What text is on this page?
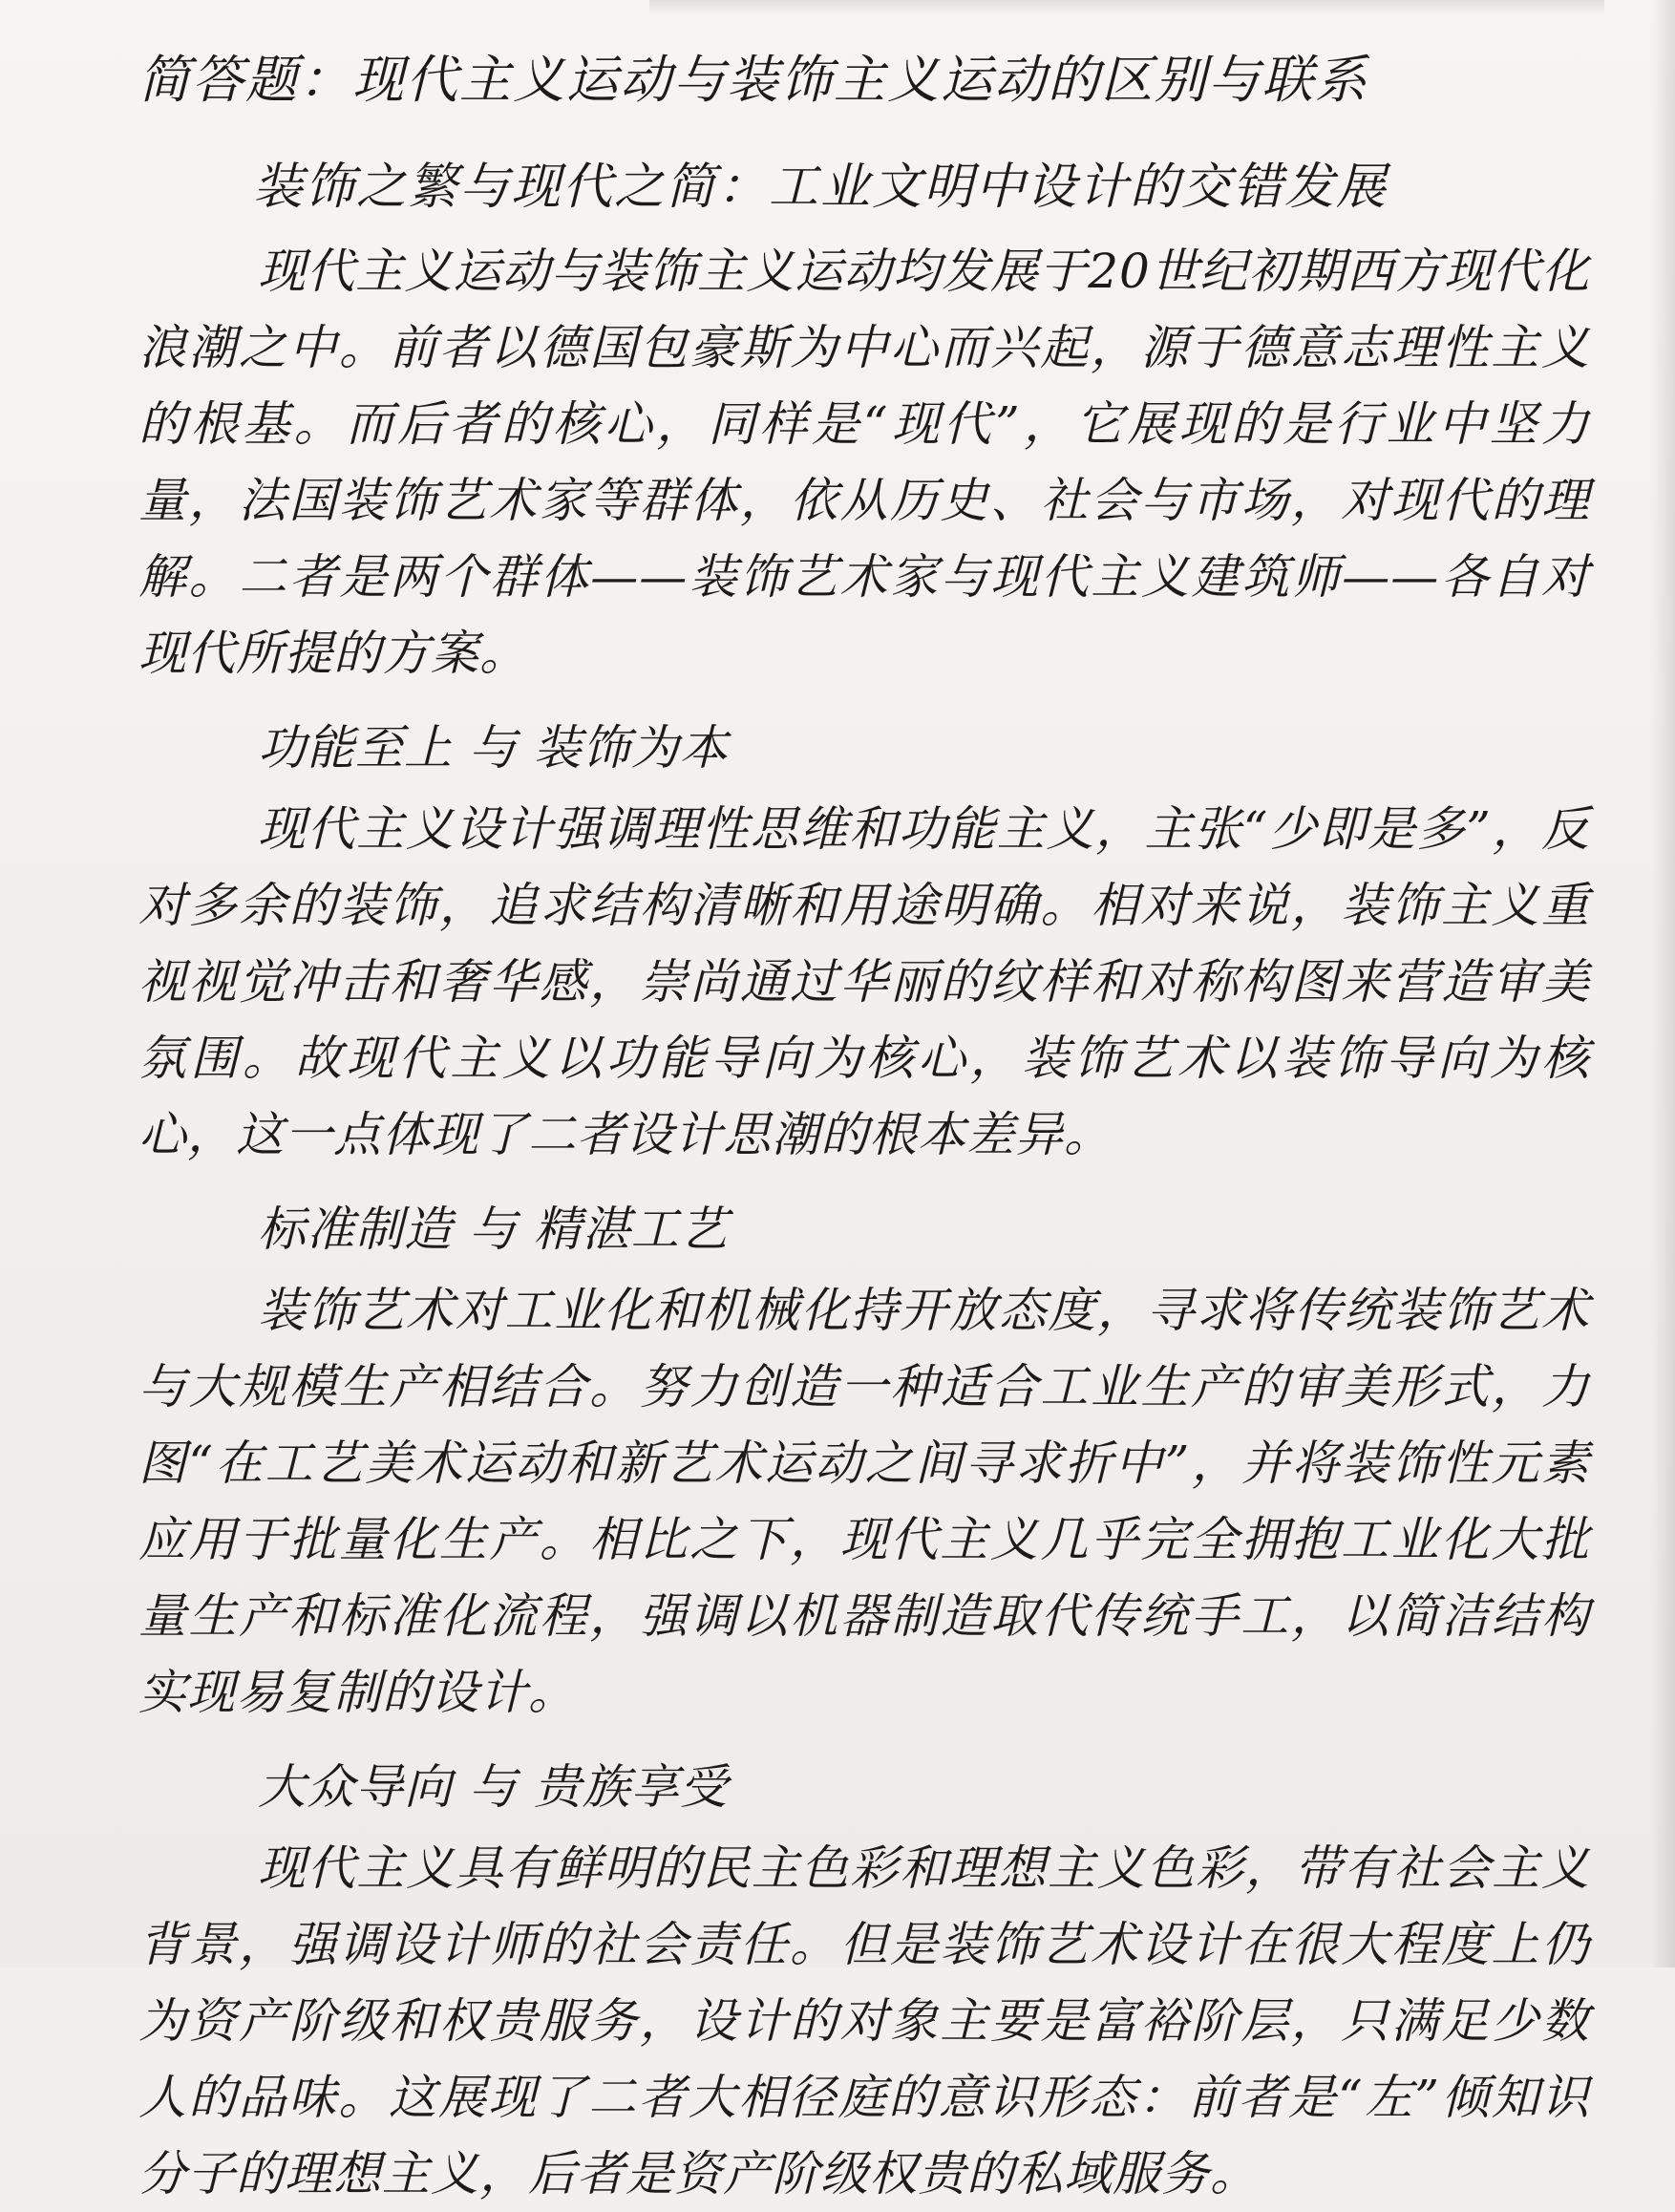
简答题：现代主义运动与装饰主义运动的区别与联系
装饰之繁与现代之简：工业文明中设计的交错发展

现代主义运动与装饰主义运动均发展于20世纪初期西方现代化浪潮之中。前者以德国包豪斯为中心而兴起，源于德意志理性主义的根基。而后者的核心，同样是“现代”，它展现的是行业中坚力量，法国装饰艺术家等群体，依从历史、社会与市场，对现代的理解。二者是两个群体——装饰艺术家与现代主义建筑师——各自对现代所提的方案。

功能至上 与 装饰为本

现代主义设计强调理性思维和功能主义，主张“少即是多”，反对多余的装饰，追求结构清晰和用途明确。相对来说，装饰主义重视视觉冲击和奢华感，崇尚通过华丽的纹样和对称构图来营造审美氛围。故现代主义以功能导向为核心，装饰艺术以装饰导向为核心，这一点体现了二者设计思潮的根本差异。

标准制造 与 精湛工艺

装饰艺术对工业化和机械化持开放态度，寻求将传统装饰艺术与大规模生产相结合。努力创造一种适合工业生产的审美形式，力图“在工艺美术运动和新艺术运动之间寻求折中”，并将装饰性元素应用于批量化生产。相比之下，现代主义几乎完全拥抱工业化大批量生产和标准化流程，强调以机器制造取代传统手工，以简洁结构实现易复制的设计。

大众导向 与 贵族享受

现代主义具有鲜明的民主色彩和理想主义色彩，带有社会主义背景，强调设计师的社会责任。但是装饰艺术设计在很大程度上仍为资产阶级和权贵服务，设计的对象主要是富裕阶层，只满足少数人的品味。这展现了二者大相径庭的意识形态：前者是“左”倾知识分子的理想主义，后者是资产阶级权贵的私域服务。
